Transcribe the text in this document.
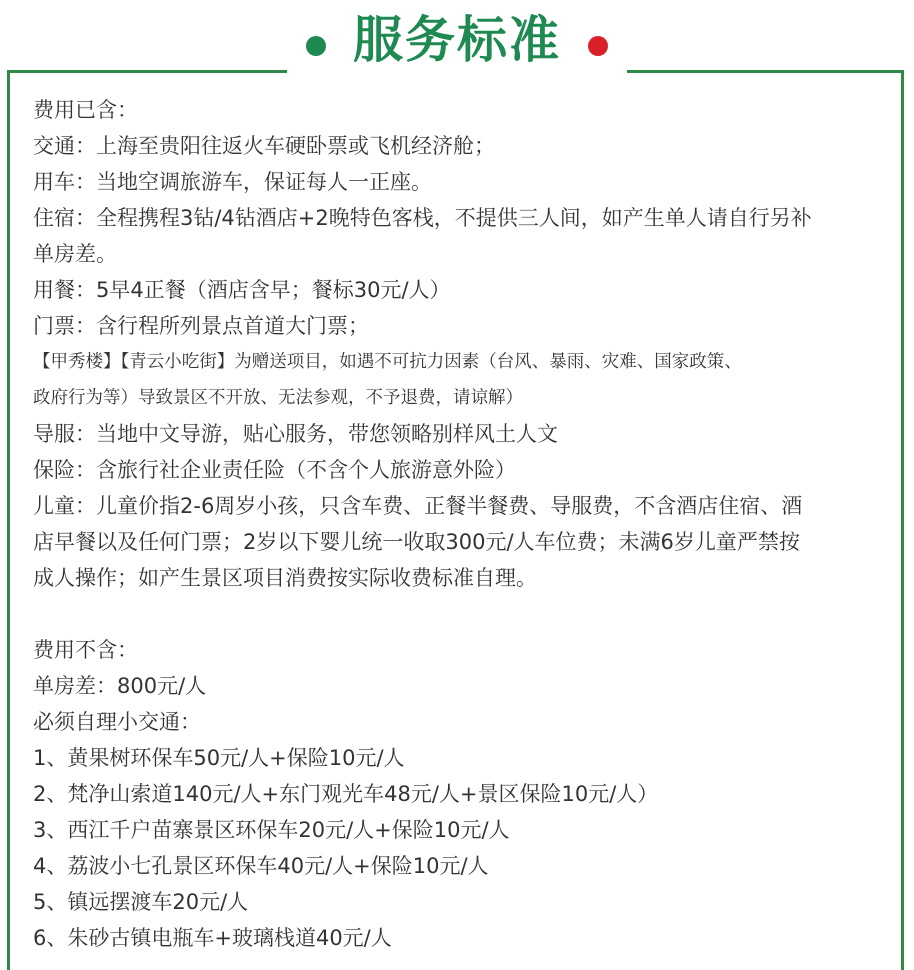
服务标准
费用已含：
交通：上海至贵阳往返火车硬卧票或飞机经济舱；
用车：当地空调旅游车，保证每人一正座。
住宿：全程携程3钻/4钻酒店+2晚特色客栈，不提供三人间，如产生单人请自行另补
单房差。
用餐：5早4正餐（酒店含早；餐标30元/人）
门票：含行程所列景点首道大门票；
【甲秀楼】【青云小吃街】为赠送项目，如遇不可抗力因素（台风、暴雨、灾难、国家政策、
政府行为等）导致景区不开放、无法参观，不予退费，请谅解）
导服：当地中文导游，贴心服务，带您领略别样风土人文
保险：含旅行社企业责任险（不含个人旅游意外险）
儿童：儿童价指2-6周岁小孩，只含车费、正餐半餐费、导服费，不含酒店住宿、酒
店早餐以及任何门票；2岁以下婴儿统一收取300元/人车位费；未满6岁儿童严禁按
成人操作；如产生景区项目消费按实际收费标准自理。
费用不含：
单房差：800元/人
必须自理小交通：
1、黄果树环保车50元/人+保险10元/人
2、梵净山索道140元/人+东门观光车48元/人+景区保险10元/人）
3、西江千户苗寨景区环保车20元/人+保险10元/人
4、荔波小七孔景区环保车40元/人+保险10元/人
5、镇远摆渡车20元/人
6、朱砂古镇电瓶车+玻璃栈道40元/人
